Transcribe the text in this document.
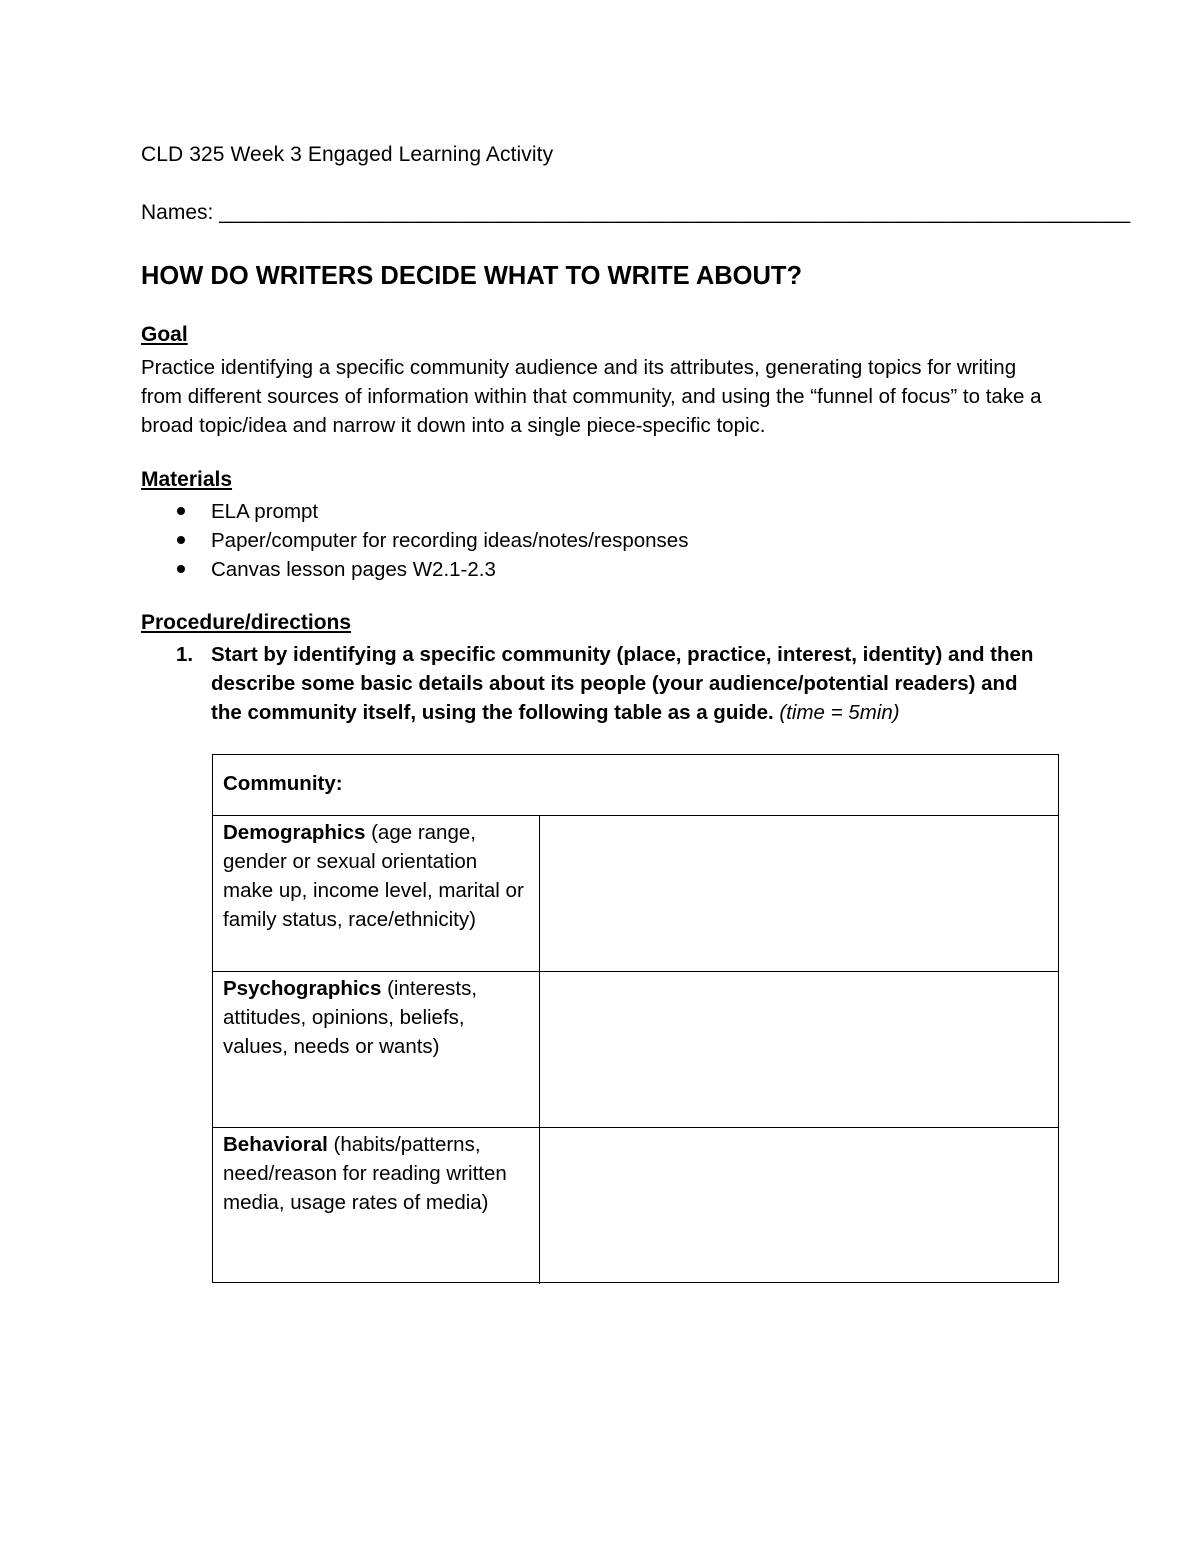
CLD 325 Week 3 Engaged Learning Activity
Names: ______________________________________________________________________________
HOW DO WRITERS DECIDE WHAT TO WRITE ABOUT?
Goal
Practice identifying a specific community audience and its attributes, generating topics for writing from different sources of information within that community, and using the “funnel of focus” to take a broad topic/idea and narrow it down into a single piece-specific topic.
Materials
ELA prompt
Paper/computer for recording ideas/notes/responses
Canvas lesson pages W2.1-2.3
Procedure/directions
1. Start by identifying a specific community (place, practice, interest, identity) and then describe some basic details about its people (your audience/potential readers) and the community itself, using the following table as a guide. (time = 5min)
Community:
Demographics (age range, gender or sexual orientation make up, income level, marital or family status, race/ethnicity)
Psychographics (interests, attitudes, opinions, beliefs, values, needs or wants)
Behavioral (habits/patterns, need/reason for reading written media, usage rates of media)
